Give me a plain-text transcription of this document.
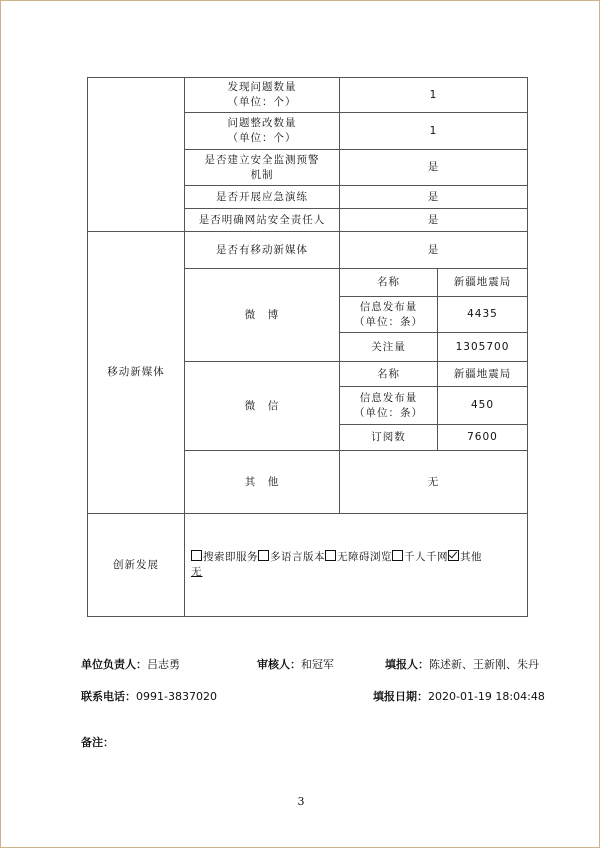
	发现问题数量
（单位：个）	1	
	问题整改数量
（单位：个）	1	
	是否建立安全监测预警
机制	是	
	是否开展应急演练	是	
	是否明确网站安全责任人	是	
移动新媒体	是否有移动新媒体	是	
	微　博	名称	新疆地震局
		信息发布量
（单位：条）	4435
		关注量	1305700
	微　信	名称	新疆地震局
		信息发布量
（单位：条）	450
		订阅数	7600
	其　他	无	
创新发展	搜索即服务 多语言版本 无障碍浏览 千人千网 其他
无		
单位负责人：吕志勇	审核人：和冠军	填报人：陈述新、王新刚、朱丹
联系电话：0991-3837020	填报日期：2020-01-19 18:04:48
备注：
3
